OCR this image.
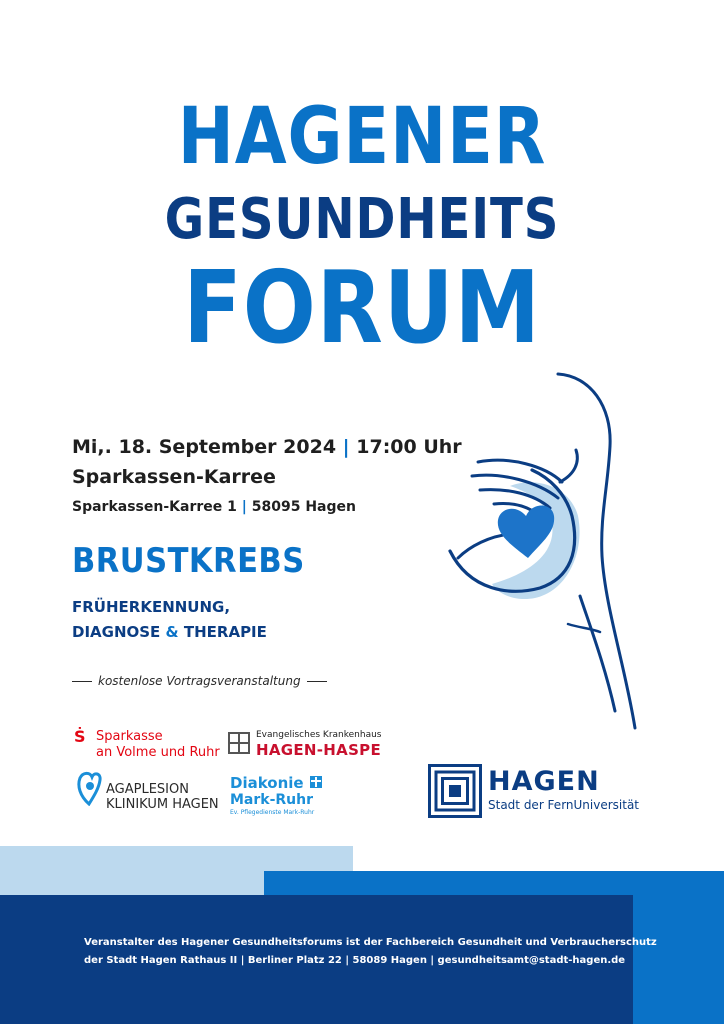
HAGENER
GESUNDHEITS
FORUM

Mi,. 18. September 2024 | 17:00 Uhr

Sparkassen-Karree

Sparkassen-Karree 1 | 58095 Hagen

BRUSTKREBS

FRÜHERKENNUNG,

DIAGNOSE & THERAPIE

kostenlose Vortragsveranstaltung
Ṡ Sparkasse
an Volme und Ruhr
Evangelisches Krankenhaus
HAGEN-HASPE
AGAPLESION
KLINIKUM HAGEN
Diakonie
Mark-Ruhr
Ev. Pflegedienste Mark-Ruhr
HAGEN
Stadt der FernUniversität

Veranstalter des Hagener Gesundheitsforums ist der Fachbereich Gesundheit und Verbraucherschutz

der Stadt Hagen Rathaus II | Berliner Platz 22 | 58089 Hagen | gesundheitsamt@stadt-hagen.de
